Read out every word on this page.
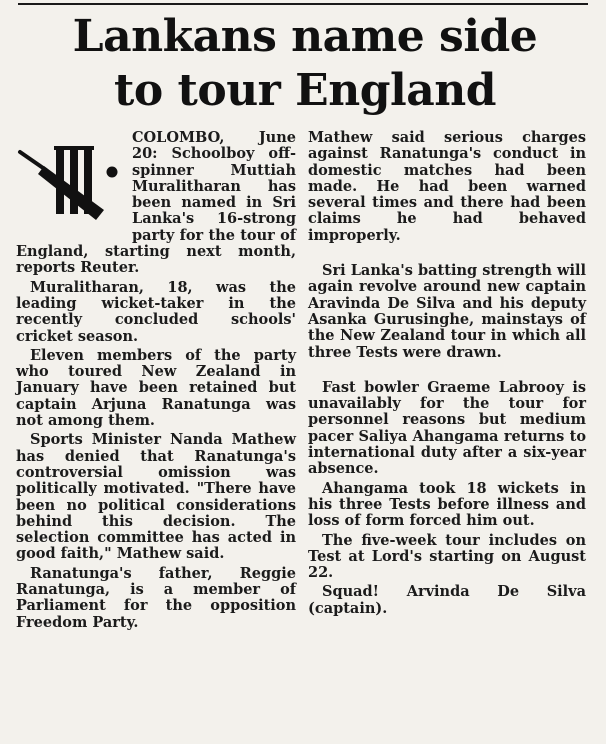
Lankans name side
to tour England

COLOMBO, June 20: Schoolboy off-spinner Muttiah Muralitharan has been named in Sri Lanka's 16-strong party for the tour of England, starting next month, reports Reuter.

Muralitharan, 18, was the leading wicket-taker in the recently concluded schools' cricket season.

Eleven members of the party who toured New Zealand in January have been retained but captain Arjuna Ranatunga was not among them.

Sports Minister Nanda Mathew has denied that Ranatunga's controversial omission was politically motivated. "There have been no political considerations behind this decision. The selection committee has acted in good faith," Mathew said.

Ranatunga's father, Reggie Ranatunga, is a member of Parliament for the opposition Freedom Party.

Mathew said serious charges against Ranatunga's conduct in domestic matches had been made. He had been warned several times and there had been claims he had behaved improperly.

Sri Lanka's batting strength will again revolve around new captain Aravinda De Silva and his deputy Asanka Gurusinghe, mainstays of the New Zealand tour in which all three Tests were drawn.

Fast bowler Graeme Labrooy is unavailably for the tour for personnel reasons but medium pacer Saliya Ahangama returns to international duty after a six-year absence.

Ahangama took 18 wickets in his three Tests before illness and loss of form forced him out.

The five-week tour includes on Test at Lord's starting on August 22.

Squad! Arvinda De Silva (captain).
